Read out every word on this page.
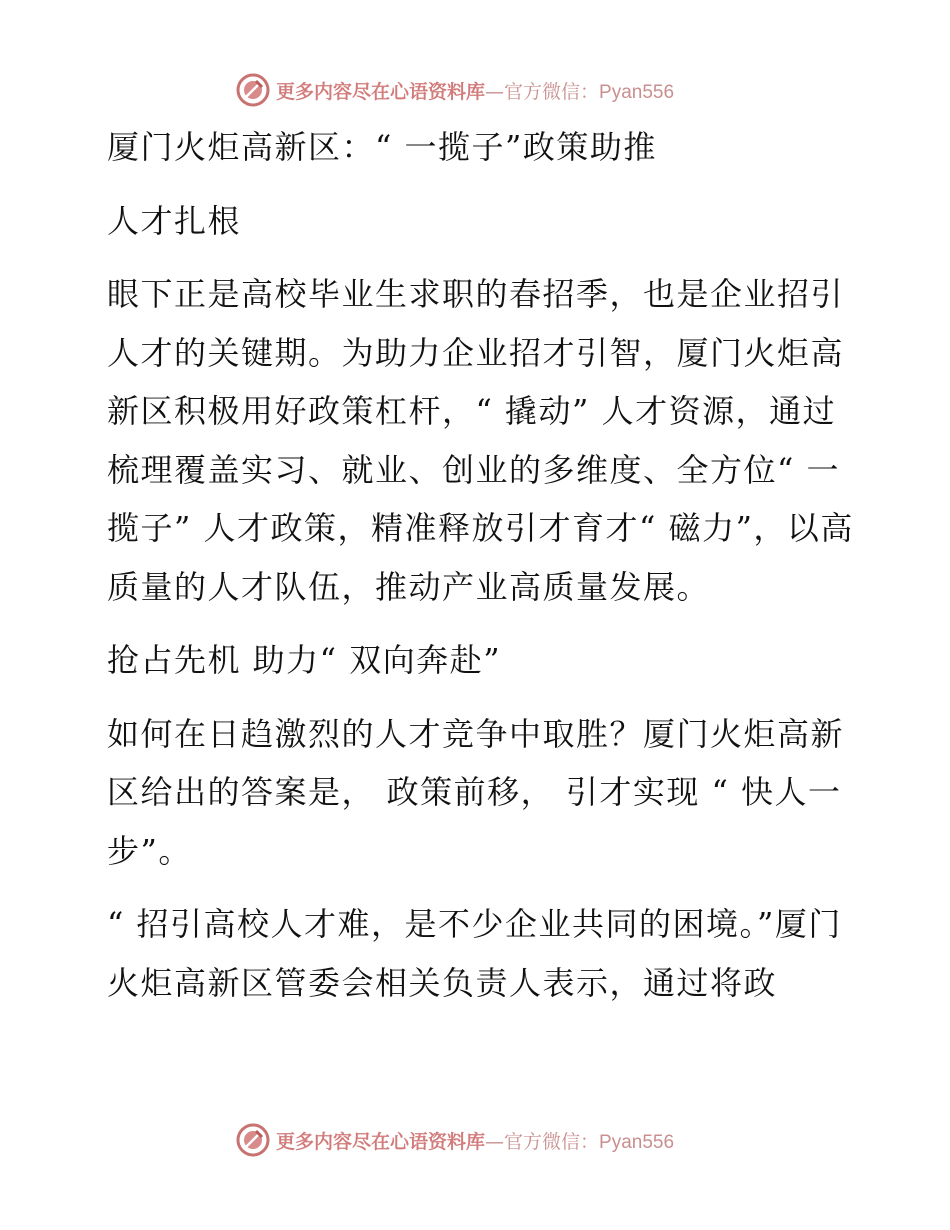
更多内容尽在心语资料库—官方微信：Pyan556

厦门火炬高新区：“ 一揽子”政策助推

人才扎根

眼下正是高校毕业生求职的春招季，也是企业招引人才的关键期。为助力企业招才引智，厦门火炬高新区积极用好政策杠杆，“ 撬动” 人才资源，通过梳理覆盖实习、就业、创业的多维度、全方位“ 一揽子” 人才政策，精准释放引才育才“ 磁力”，以高质量的人才队伍，推动产业高质量发展。

抢占先机 助力“ 双向奔赴”

如何在日趋激烈的人才竞争中取胜？厦门火炬高新区给出的答案是， 政策前移， 引才实现 “ 快人一步”。

“ 招引高校人才难，是不少企业共同的困境。”厦门火炬高新区管委会相关负责人表示，通过将政

更多内容尽在心语资料库—官方微信：Pyan556
